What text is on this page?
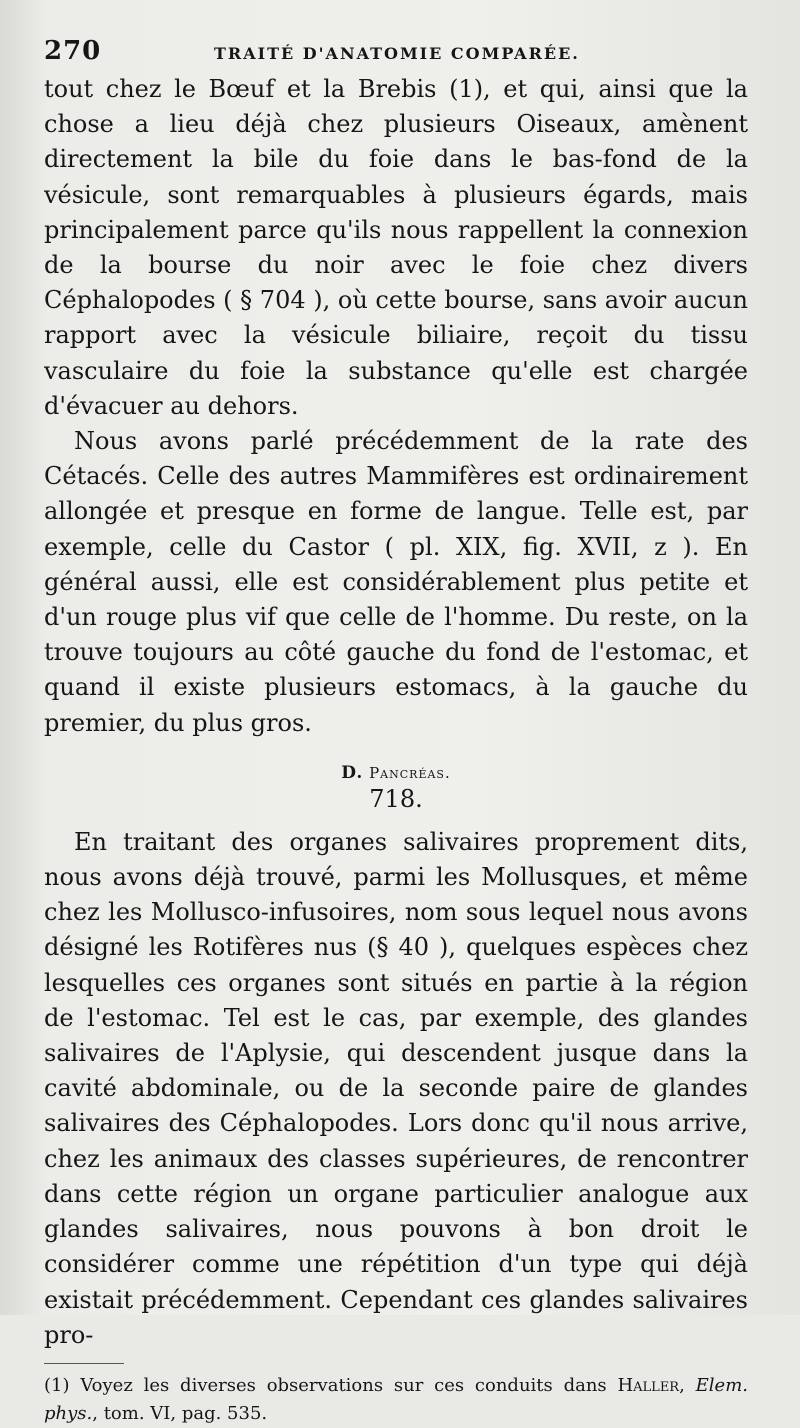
270	TRAITÉ D'ANATOMIE COMPARÉE.

tout chez le Bœuf et la Brebis (1), et qui, ainsi que la chose a lieu déjà chez plusieurs Oiseaux, amènent directement la bile du foie dans le bas-fond de la vésicule, sont remarquables à plusieurs égards, mais principalement parce qu'ils nous rappellent la connexion de la bourse du noir avec le foie chez divers Céphalopodes ( § 704 ), où cette bourse, sans avoir aucun rapport avec la vésicule biliaire, reçoit du tissu vasculaire du foie la substance qu'elle est chargée d'évacuer au dehors.

Nous avons parlé précédemment de la rate des Cétacés. Celle des autres Mammifères est ordinairement allongée et presque en forme de langue. Telle est, par exemple, celle du Castor ( pl. XIX, fig. XVII, z ). En général aussi, elle est considérablement plus petite et d'un rouge plus vif que celle de l'homme. Du reste, on la trouve toujours au côté gauche du fond de l'estomac, et quand il existe plusieurs estomacs, à la gauche du premier, du plus gros.

D. Pancréas.
718.

En traitant des organes salivaires proprement dits, nous avons déjà trouvé, parmi les Mollusques, et même chez les Mollusco-infusoires, nom sous lequel nous avons désigné les Rotifères nus (§ 40 ), quelques espèces chez lesquelles ces organes sont situés en partie à la région de l'estomac. Tel est le cas, par exemple, des glandes salivaires de l'Aplysie, qui descendent jusque dans la cavité abdominale, ou de la seconde paire de glandes salivaires des Céphalopodes. Lors donc qu'il nous arrive, chez les animaux des classes supérieures, de rencontrer dans cette région un organe particulier analogue aux glandes salivaires, nous pouvons à bon droit le considérer comme une répétition d'un type qui déjà existait précédemment. Cependant ces glandes salivaires pro-

(1) Voyez les diverses observations sur ces conduits dans Haller, Elem. phys., tom. VI, pag. 535.
